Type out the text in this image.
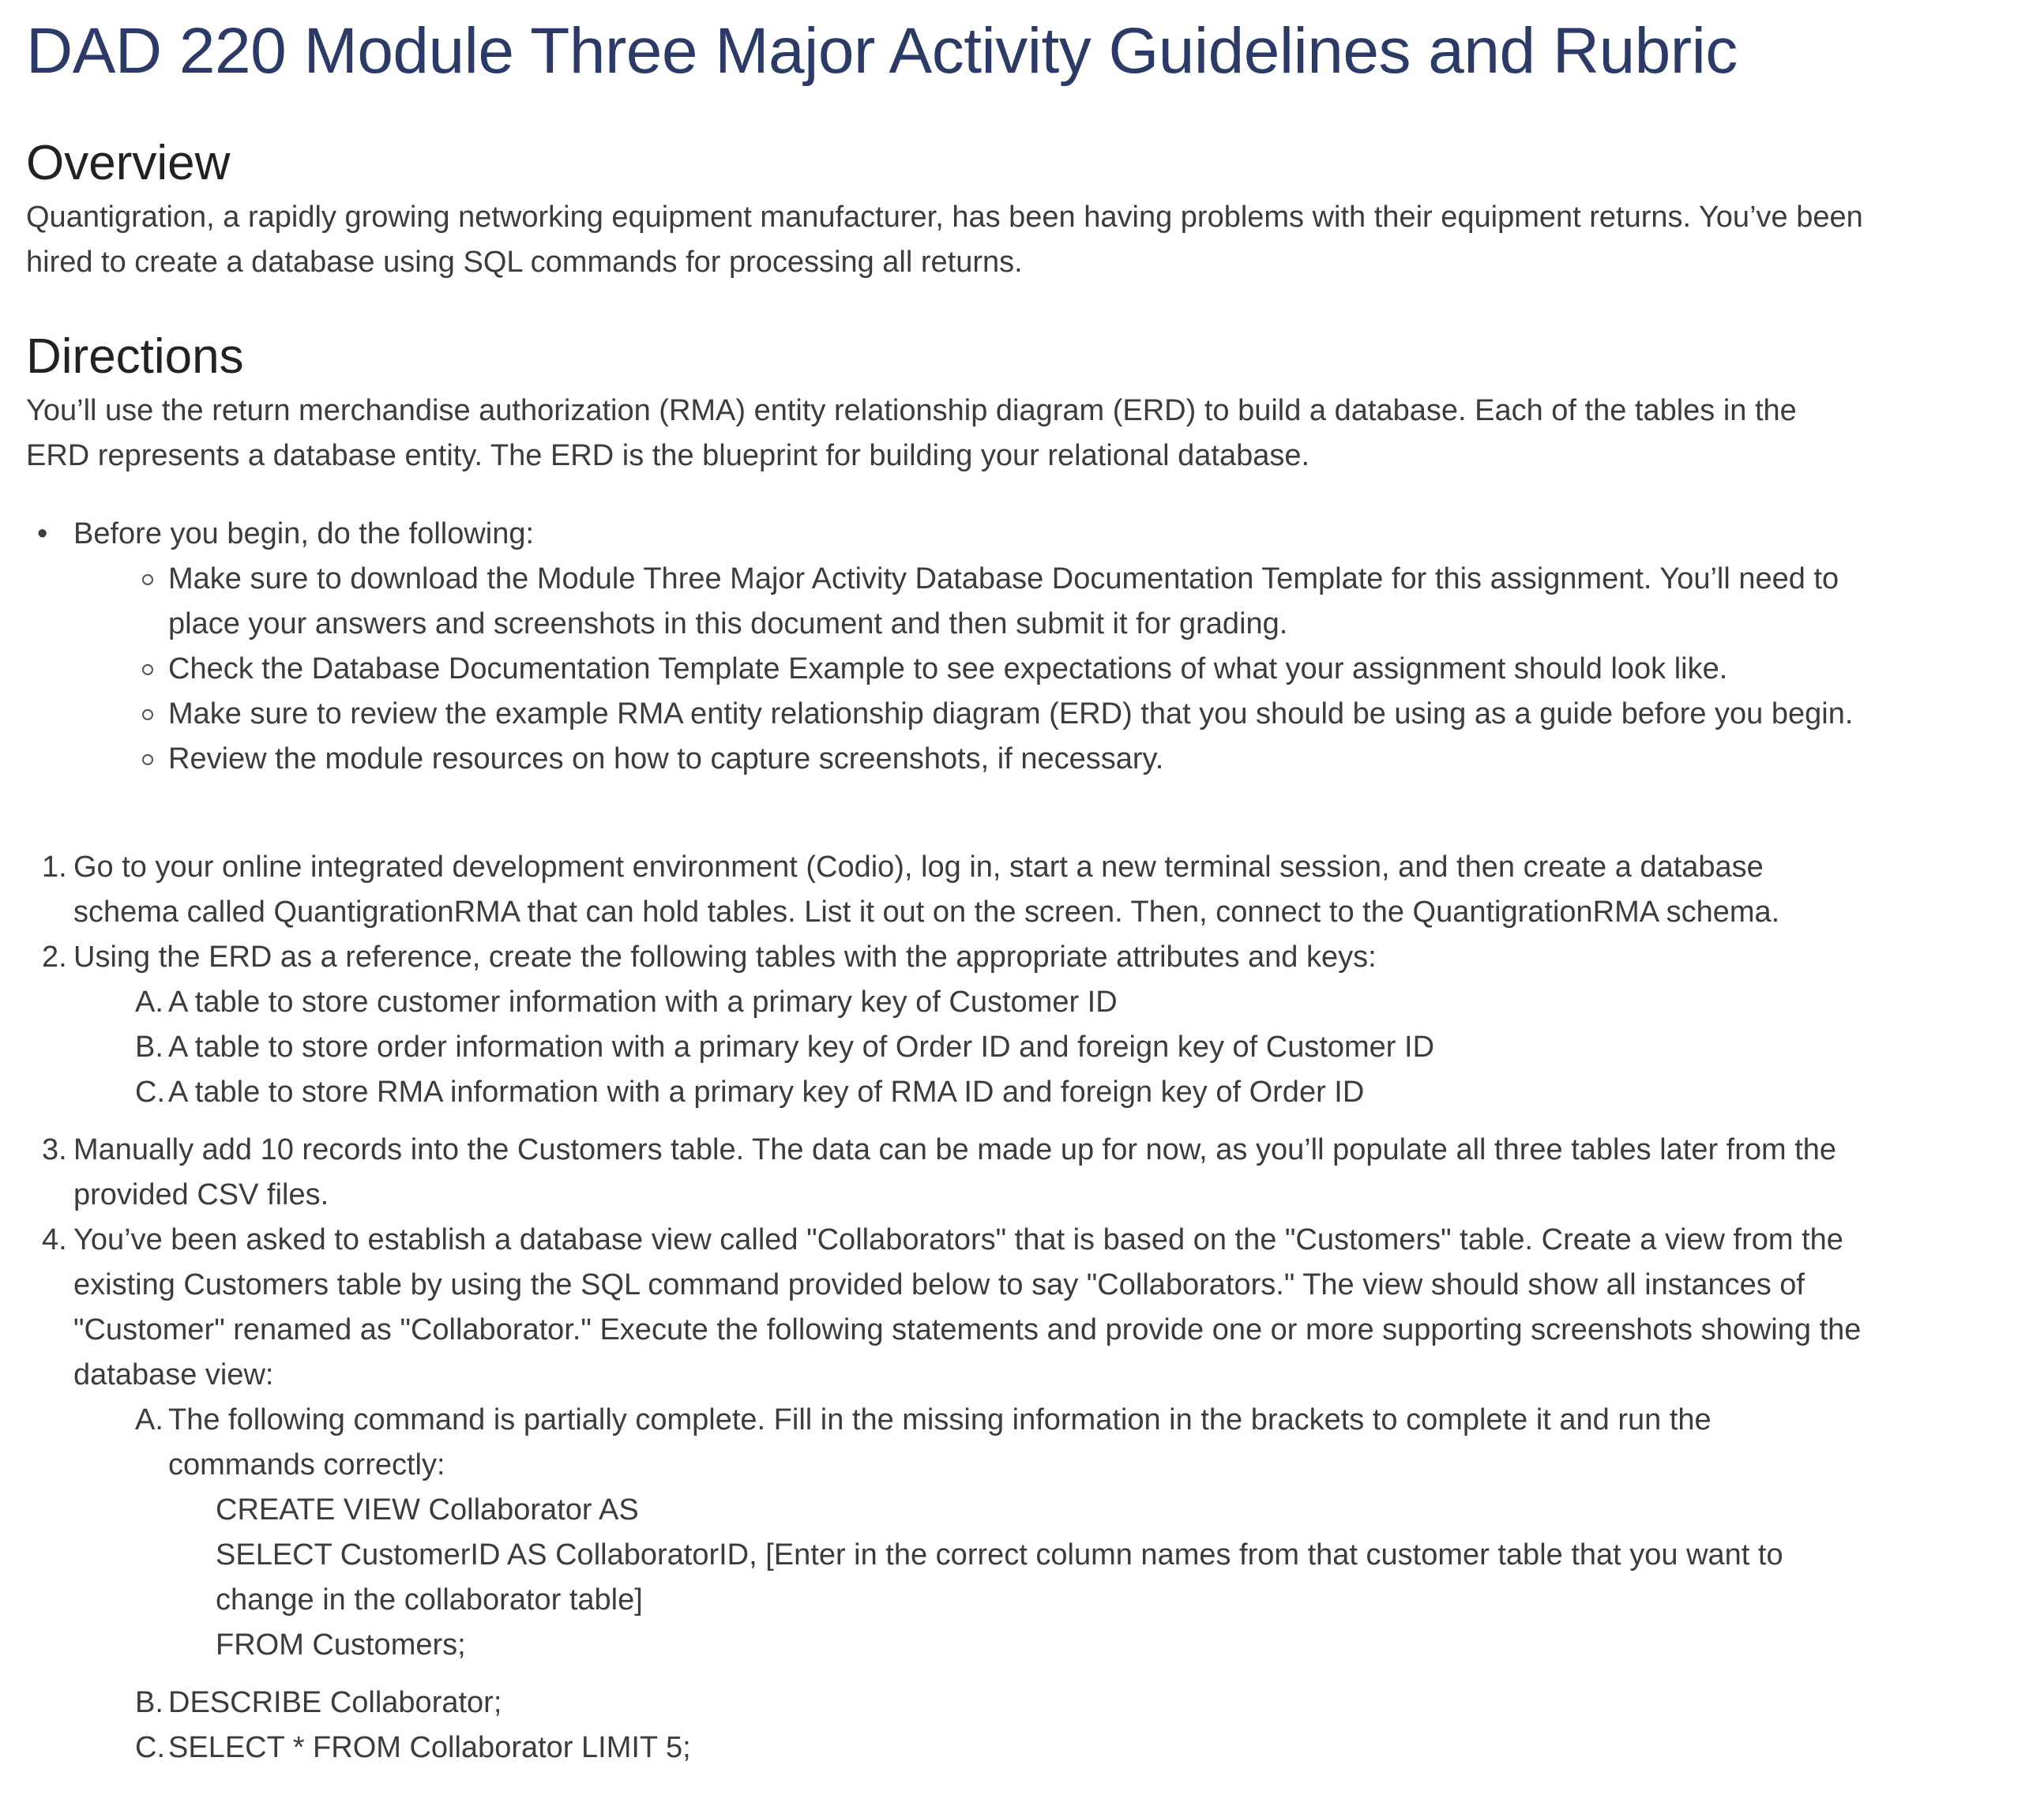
DAD 220 Module Three Major Activity Guidelines and Rubric
Overview

Quantigration, a rapidly growing networking equipment manufacturer, has been having problems with their equipment returns. You’ve been hired to create a database using SQL commands for processing all returns.

Directions

You’ll use the return merchandise authorization (RMA) entity relationship diagram (ERD) to build a database. Each of the tables in the ERD represents a database entity. The ERD is the blueprint for building your relational database.

• Before you begin, do the following:
Make sure to download the Module Three Major Activity Database Documentation Template for this assignment. You’ll need to place your answers and screenshots in this document and then submit it for grading.
Check the Database Documentation Template Example to see expectations of what your assignment should look like.
Make sure to review the example RMA entity relationship diagram (ERD) that you should be using as a guide before you begin.
Review the module resources on how to capture screenshots, if necessary.
1. Go to your online integrated development environment (Codio), log in, start a new terminal session, and then create a database schema called QuantigrationRMA that can hold tables. List it out on the screen. Then, connect to the QuantigrationRMA schema.
2. Using the ERD as a reference, create the following tables with the appropriate attributes and keys:
A. A table to store customer information with a primary key of Customer ID
B. A table to store order information with a primary key of Order ID and foreign key of Customer ID
C. A table to store RMA information with a primary key of RMA ID and foreign key of Order ID
3. Manually add 10 records into the Customers table. The data can be made up for now, as you’ll populate all three tables later from the provided CSV files.
4. You’ve been asked to establish a database view called "Collaborators" that is based on the "Customers" table. Create a view from the existing Customers table by using the SQL command provided below to say "Collaborators." The view should show all instances of "Customer" renamed as "Collaborator." Execute the following statements and provide one or more supporting screenshots showing the database view:
A. The following command is partially complete. Fill in the missing information in the brackets to complete it and run the commands correctly:
CREATE VIEW Collaborator AS
SELECT CustomerID AS CollaboratorID, [Enter in the correct column names from that customer table that you want to change in the collaborator table]
FROM Customers;
B. DESCRIBE Collaborator;
C. SELECT * FROM Collaborator LIMIT 5;
